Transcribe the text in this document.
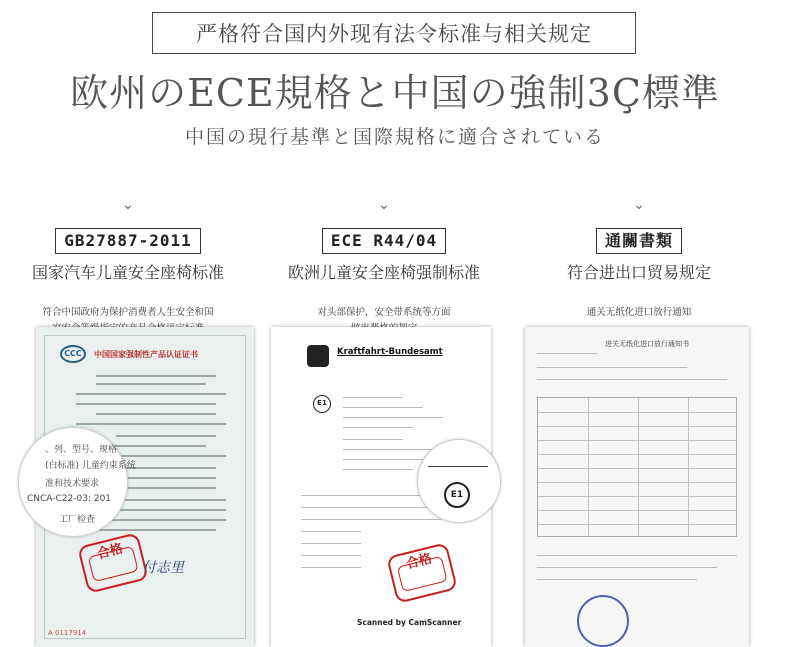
严格符合国内外现有法令标准与相关规定
欧州のECE規格と中国の強制3Ç標準
中国の現行基準と国際規格に適合されている
⌄
GB27887-2011
国家汽车儿童安全座椅标准
符合中国政府为保护消费者人生安全和国
⌄
ECE R44/04
欧洲儿童安全座椅强制标准
对头部保护，安全带系统等方面
⌄
通關書類
符合进出口贸易规定
通关无纸化进口放行通知
CCC	中国国家强制性产品认证证书
、列、型号、规格
(白标准) 儿童约束系统
准和技术要求
CNCA-C22-03: 201
工厂检查
合格
付志里
A 0117914
Kraftfahrt-Bundesamt
E1
E1
合格
Scanned by CamScanner
进关无纸化进口放行通知书
